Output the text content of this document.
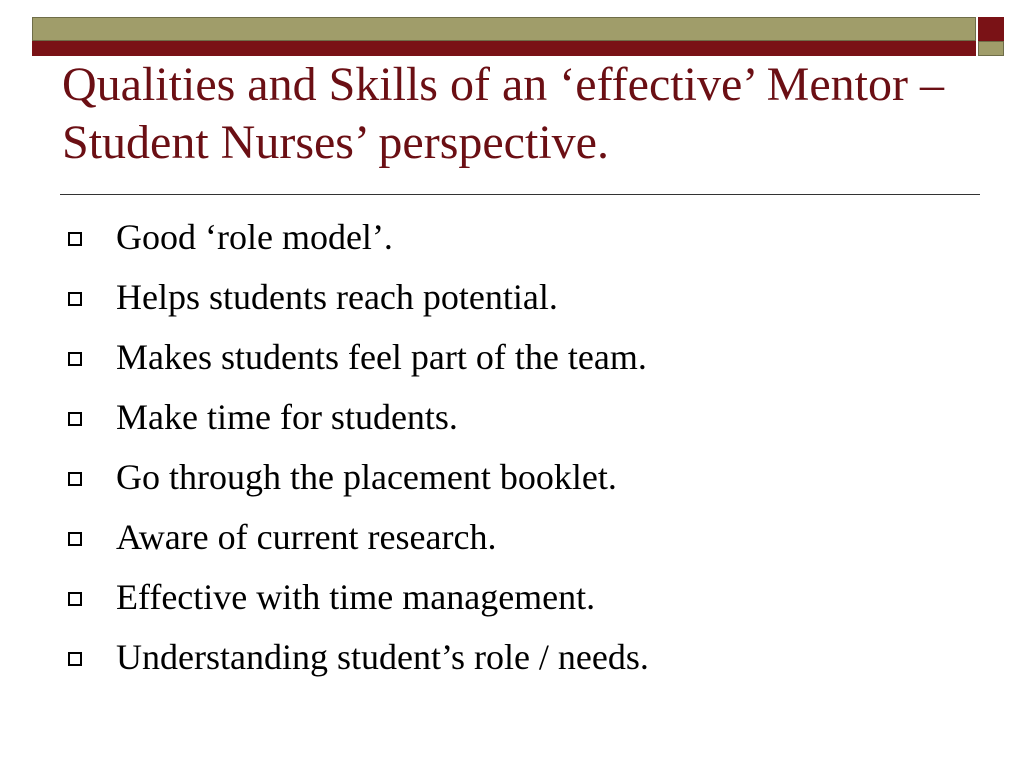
Qualities and Skills of an ‘effective’ Mentor – Student Nurses’ perspective.
Good ‘role model’.
Helps students reach potential.
Makes students feel part of the team.
Make time for students.
Go through the placement booklet.
Aware of current research.
Effective with time management.
Understanding student’s role / needs.
